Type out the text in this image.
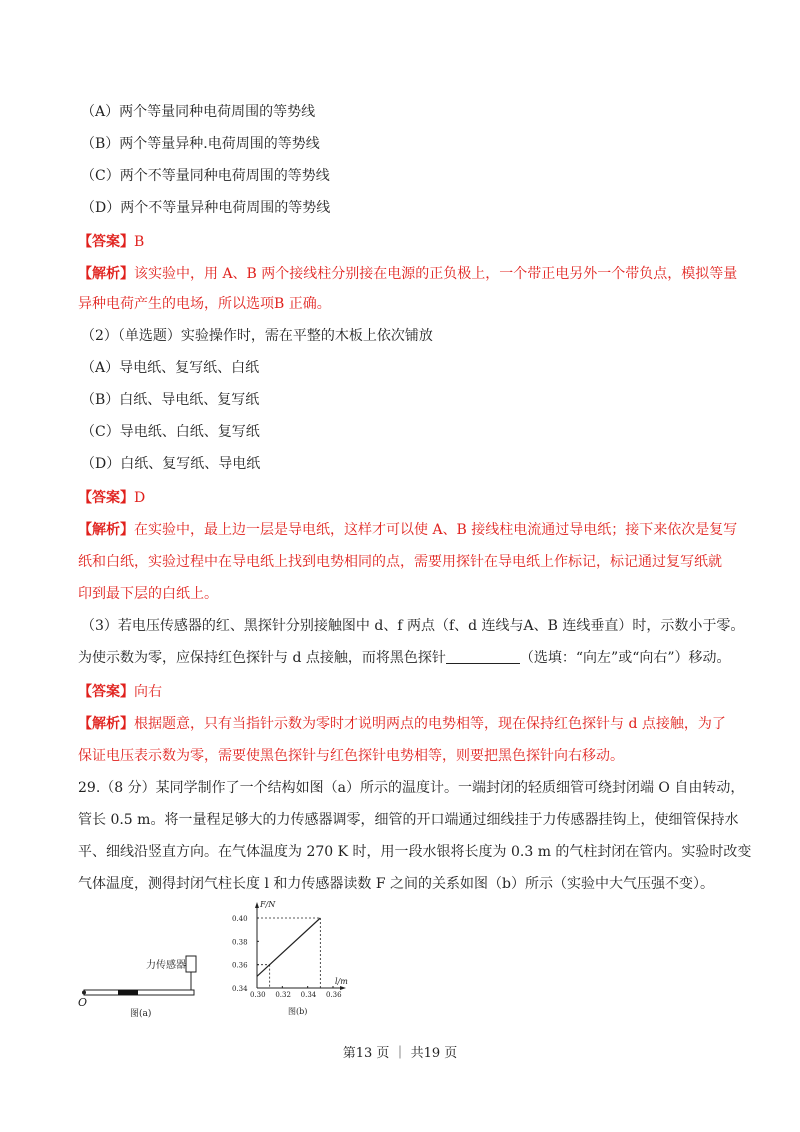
（A）两个等量同种电荷周围的等势线
（B）两个等量异种.电荷周围的等势线
（C）两个不等量同种电荷周围的等势线
（D）两个不等量异种电荷周围的等势线
【答案】B
【解析】该实验中，用 A、B 两个接线柱分别接在电源的正负极上，一个带正电另外一个带负点，模拟等量
异种电荷产生的电场，所以选项B 正确。
（2）（单选题）实验操作时，需在平整的木板上依次铺放
（A）导电纸、复写纸、白纸
（B）白纸、导电纸、复写纸
（C）导电纸、白纸、复写纸
（D）白纸、复写纸、导电纸
【答案】D
【解析】在实验中，最上边一层是导电纸，这样才可以使 A、B 接线柱电流通过导电纸；接下来依次是复写
纸和白纸，实验过程中在导电纸上找到电势相同的点，需要用探针在导电纸上作标记，标记通过复写纸就
印到最下层的白纸上。
（3）若电压传感器的红、黑探针分别接触图中 d、f 两点（f、d 连线与A、B 连线垂直）时，示数小于零。
为使示数为零，应保持红色探针与 d 点接触，而将黑色探针	（选填：“向左”或“向右”）移动。
【答案】向右
【解析】根据题意，只有当指针示数为零时才说明两点的电势相等，现在保持红色探针与 d 点接触，为了
保证电压表示数为零，需要使黑色探针与红色探针电势相等，则要把黑色探针向右移动。
29.（8 分）某同学制作了一个结构如图（a）所示的温度计。一端封闭的轻质细管可绕封闭端 O 自由转动，
管长 0.5 m。将一量程足够大的力传感器调零，细管的开口端通过细线挂于力传感器挂钩上，使细管保持水
平、细线沿竖直方向。在气体温度为 270 K 时，用一段水银将长度为 0.3 m 的气柱封闭在管内。实验时改变
气体温度，测得封闭气柱长度 l 和力传感器读数 F 之间的关系如图（b）所示（实验中大气压强不变）。
力传感器
O
图(a)
F/N
l/m
0.30 0.32 0.34 0.36
0.34
0.36
0.38
0.40
图(b)
第13 页 ｜ 共19 页
